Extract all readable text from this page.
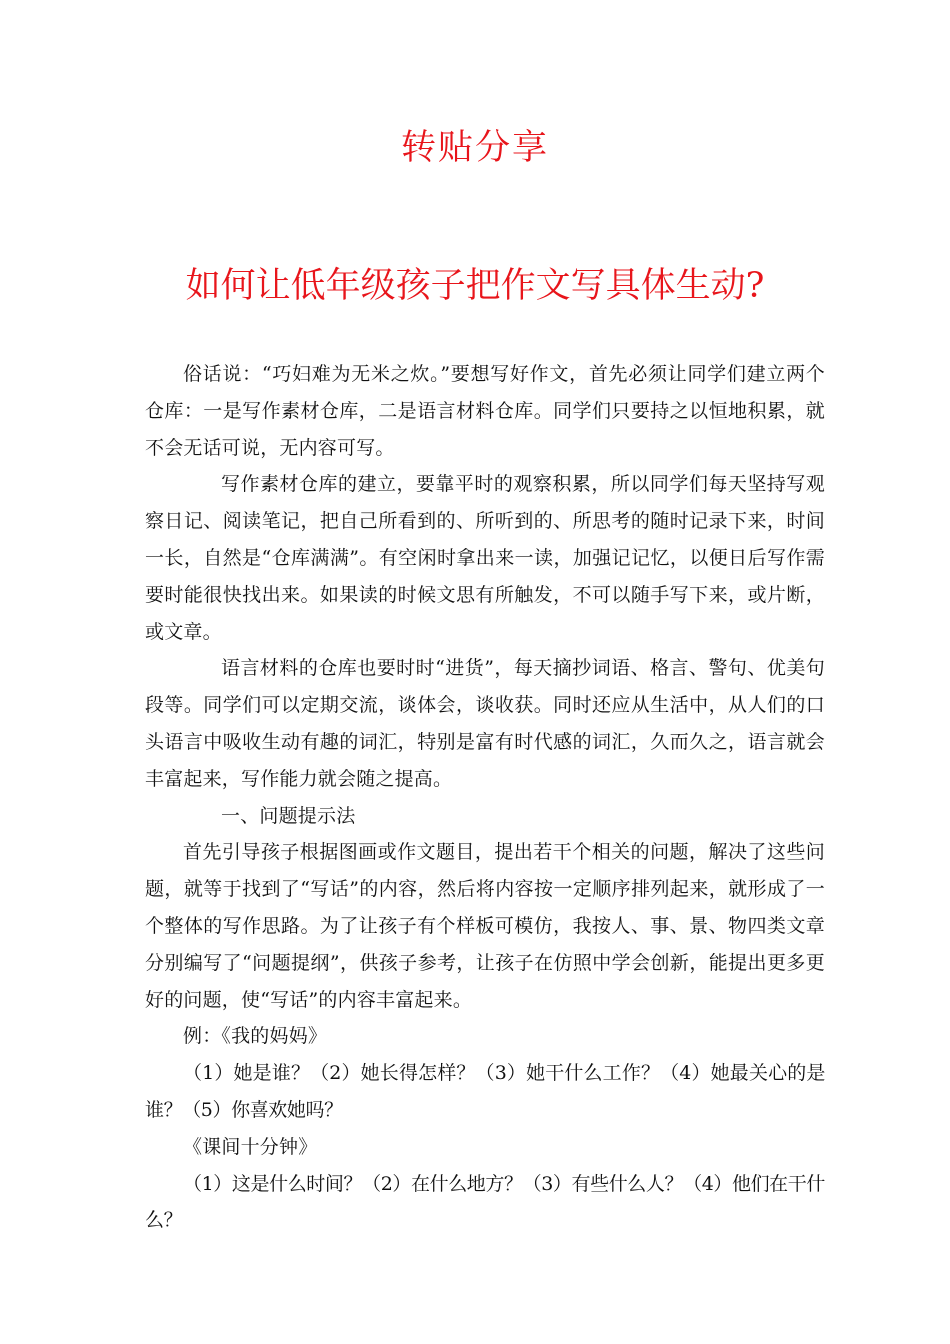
转贴分享
如何让低年级孩子把作文写具体生动?

俗话说：“巧妇难为无米之炊。”要想写好作文，首先必须让同学们建立两个仓库：一是写作素材仓库，二是语言材料仓库。同学们只要持之以恒地积累，就不会无话可说，无内容可写。

写作素材仓库的建立，要靠平时的观察积累，所以同学们每天坚持写观察日记、阅读笔记，把自己所看到的、所听到的、所思考的随时记录下来，时间一长，自然是“仓库满满”。有空闲时拿出来一读，加强记记忆，以便日后写作需要时能很快找出来。如果读的时候文思有所触发，不可以随手写下来，或片断，或文章。

语言材料的仓库也要时时“进货”，每天摘抄词语、格言、警句、优美句段等。同学们可以定期交流，谈体会，谈收获。同时还应从生活中，从人们的口头语言中吸收生动有趣的词汇，特别是富有时代感的词汇，久而久之，语言就会丰富起来，写作能力就会随之提高。

一、问题提示法

首先引导孩子根据图画或作文题目，提出若干个相关的问题，解决了这些问题，就等于找到了“写话”的内容，然后将内容按一定顺序排列起来，就形成了一个整体的写作思路。为了让孩子有个样板可模仿，我按人、事、景、物四类文章分别编写了“问题提纲”，供孩子参考，让孩子在仿照中学会创新，能提出更多更好的问题，使“写话”的内容丰富起来。

例：《我的妈妈》

（1）她是谁？（2）她长得怎样？（3）她干什么工作？（4）她最关心的是谁？（5）你喜欢她吗？

《课间十分钟》

（1）这是什么时间？（2）在什么地方？（3）有些什么人？（4）他们在干什么？
